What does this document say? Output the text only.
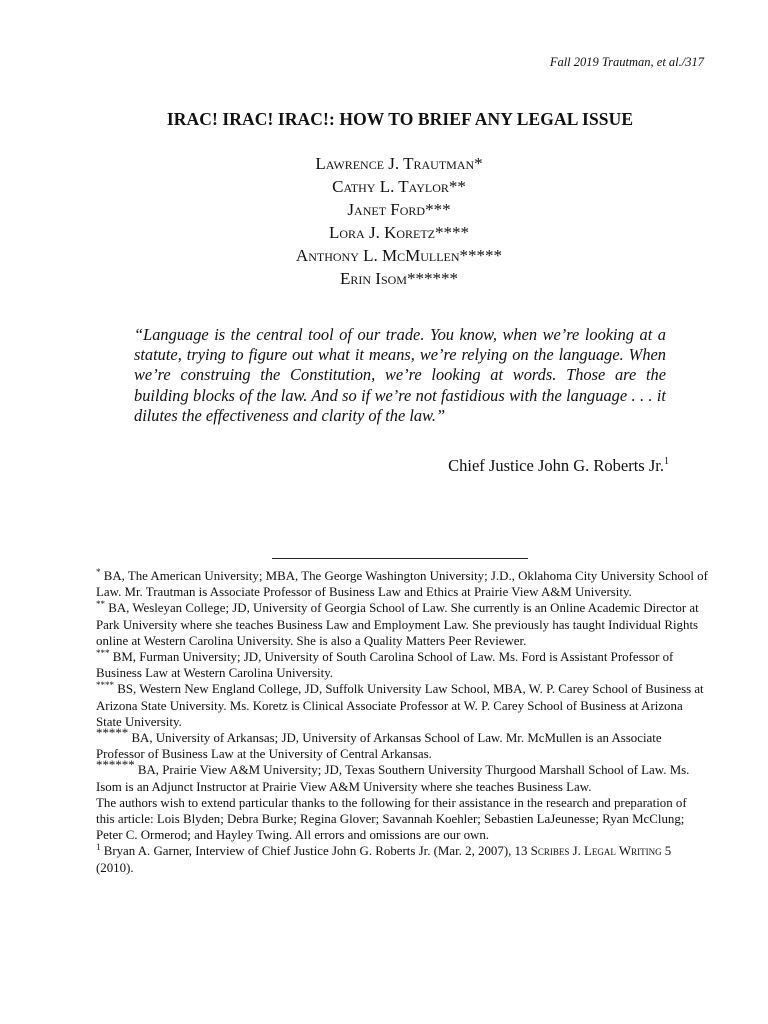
Fall 2019 Trautman, et al./317
IRAC! IRAC! IRAC!: HOW TO BRIEF ANY LEGAL ISSUE
Lawrence J. Trautman*
Cathy L. Taylor**
Janet Ford***
Lora J. Koretz****
Anthony L. McMullen*****
Erin Isom******
“Language is the central tool of our trade. You know, when we’re looking at a statute, trying to figure out what it means, we’re relying on the language. When we’re construing the Constitution, we’re looking at words. Those are the building blocks of the law. And so if we’re not fastidious with the language . . . it dilutes the effectiveness and clarity of the law.”
Chief Justice John G. Roberts Jr.$^1$

* BA, The American University; MBA, The George Washington University; J.D., Oklahoma City University School of Law. Mr. Trautman is Associate Professor of Business Law and Ethics at Prairie View A&M University.

** BA, Wesleyan College; JD, University of Georgia School of Law. She currently is an Online Academic Director at Park University where she teaches Business Law and Employment Law. She previously has taught Individual Rights online at Western Carolina University. She is also a Quality Matters Peer Reviewer.

*** BM, Furman University; JD, University of South Carolina School of Law. Ms. Ford is Assistant Professor of Business Law at Western Carolina University.

**** BS, Western New England College, JD, Suffolk University Law School, MBA, W. P. Carey School of Business at Arizona State University. Ms. Koretz is Clinical Associate Professor at W. P. Carey School of Business at Arizona State University.

***** BA, University of Arkansas; JD, University of Arkansas School of Law. Mr. McMullen is an Associate Professor of Business Law at the University of Central Arkansas.

****** BA, Prairie View A&M University; JD, Texas Southern University Thurgood Marshall School of Law. Ms. Isom is an Adjunct Instructor at Prairie View A&M University where she teaches Business Law.

The authors wish to extend particular thanks to the following for their assistance in the research and preparation of this article: Lois Blyden; Debra Burke; Regina Glover; Savannah Koehler; Sebastien LaJeunesse; Ryan McClung; Peter C. Ormerod; and Hayley Twing. All errors and omissions are our own.

$^1$ Bryan A. Garner, Interview of Chief Justice John G. Roberts Jr. (Mar. 2, 2007), 13 Scribes J. Legal Writing 5 (2010).
